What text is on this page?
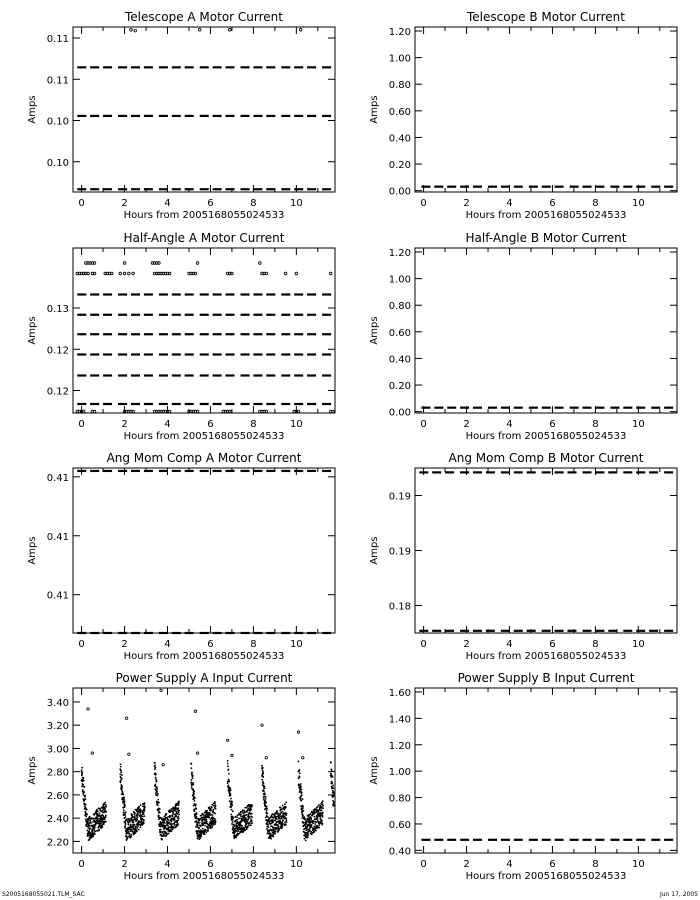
Telescope A Motor Current
Hours from 2005168055024533
Amps
0	2	4	6	8	10
0.10
0.10
0.11
0.11
Telescope B Motor Current
Hours from 2005168055024533
Amps
0	2	4	6	8	10
0.00
0.20
0.40
0.60
0.80
1.00
1.20
Half-Angle A Motor Current
Hours from 2005168055024533
Amps
0	2	4	6	8	10
0.12
0.12
0.13
Half-Angle B Motor Current
Hours from 2005168055024533
Amps
0	2	4	6	8	10
0.00
0.20
0.40
0.60
0.80
1.00
1.20
Ang Mom Comp A Motor Current
Hours from 2005168055024533
Amps
0	2	4	6	8	10
0.41
0.41
0.41
Ang Mom Comp B Motor Current
Hours from 2005168055024533
Amps
0	2	4	6	8	10
0.18
0.19
0.19
Power Supply A Input Current
Hours from 2005168055024533
Amps
0	2	4	6	8	10
2.20
2.40
2.60
2.80
3.00
3.20
3.40
Power Supply B Input Current
Hours from 2005168055024533
Amps
0	2	4	6	8	10
0.40
0.60
0.80
1.00
1.20
1.40
1.60
S2005168055021.TLM_SAC	Jun 17, 2005
